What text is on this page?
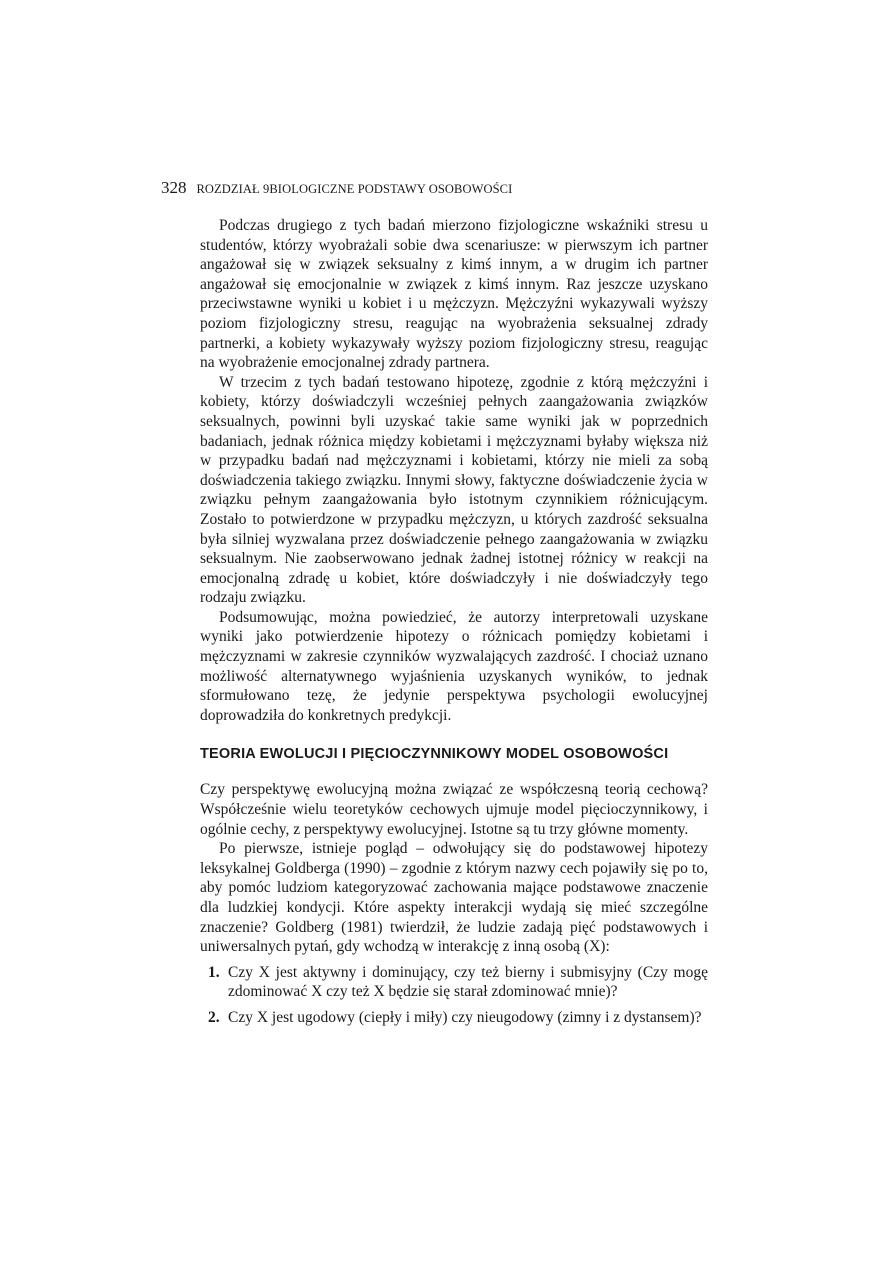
328 ROZDZIAŁ 9BIOLOGICZNE PODSTAWY OSOBOWOŚCI

Podczas drugiego z tych badań mierzono fizjologiczne wskaźniki stresu u studentów, którzy wyobrażali sobie dwa scenariusze: w pierwszym ich partner angażował się w związek seksualny z kimś innym, a w drugim ich partner angażował się emocjonalnie w związek z kimś innym. Raz jeszcze uzyskano przeciwstawne wyniki u kobiet i u mężczyzn. Mężczyźni wykazywali wyższy poziom fizjologiczny stresu, reagując na wyobrażenia seksualnej zdrady partnerki, a kobiety wykazywały wyższy poziom fizjologiczny stresu, reagując na wyobrażenie emocjonalnej zdrady partnera.

W trzecim z tych badań testowano hipotezę, zgodnie z którą mężczyźni i kobiety, którzy doświadczyli wcześniej pełnych zaangażowania związków seksualnych, powinni byli uzyskać takie same wyniki jak w poprzednich badaniach, jednak różnica między kobietami i mężczyznami byłaby większa niż w przypadku badań nad mężczyznami i kobietami, którzy nie mieli za sobą doświadczenia takiego związku. Innymi słowy, faktyczne doświadczenie życia w związku pełnym zaangażowania było istotnym czynnikiem różnicującym. Zostało to potwierdzone w przypadku mężczyzn, u których zazdrość seksualna była silniej wyzwalana przez doświadczenie pełnego zaangażowania w związku seksualnym. Nie zaobserwowano jednak żadnej istotnej różnicy w reakcji na emocjonalną zdradę u kobiet, które doświadczyły i nie doświadczyły tego rodzaju związku.

Podsumowując, można powiedzieć, że autorzy interpretowali uzyskane wyniki jako potwierdzenie hipotezy o różnicach pomiędzy kobietami i mężczyznami w zakresie czynników wyzwalających zazdrość. I chociaż uznano możliwość alternatywnego wyjaśnienia uzyskanych wyników, to jednak sformułowano tezę, że jedynie perspektywa psychologii ewolucyjnej doprowadziła do konkretnych predykcji.

TEORIA EWOLUCJI I PIĘCIOCZYNNIKOWY MODEL OSOBOWOŚCI

Czy perspektywę ewolucyjną można związać ze współczesną teorią cechową? Współcześnie wielu teoretyków cechowych ujmuje model pięcioczynnikowy, i ogólnie cechy, z perspektywy ewolucyjnej. Istotne są tu trzy główne momenty.

Po pierwsze, istnieje pogląd – odwołujący się do podstawowej hipotezy leksykalnej Goldberga (1990) – zgodnie z którym nazwy cech pojawiły się po to, aby pomóc ludziom kategoryzować zachowania mające podstawowe znaczenie dla ludzkiej kondycji. Które aspekty interakcji wydają się mieć szczególne znaczenie? Goldberg (1981) twierdził, że ludzie zadają pięć podstawowych i uniwersalnych pytań, gdy wchodzą w interakcję z inną osobą (X):

1. Czy X jest aktywny i dominujący, czy też bierny i submisyjny (Czy mogę zdominować X czy też X będzie się starał zdominować mnie)?
2. Czy X jest ugodowy (ciepły i miły) czy nieugodowy (zimny i z dystansem)?
